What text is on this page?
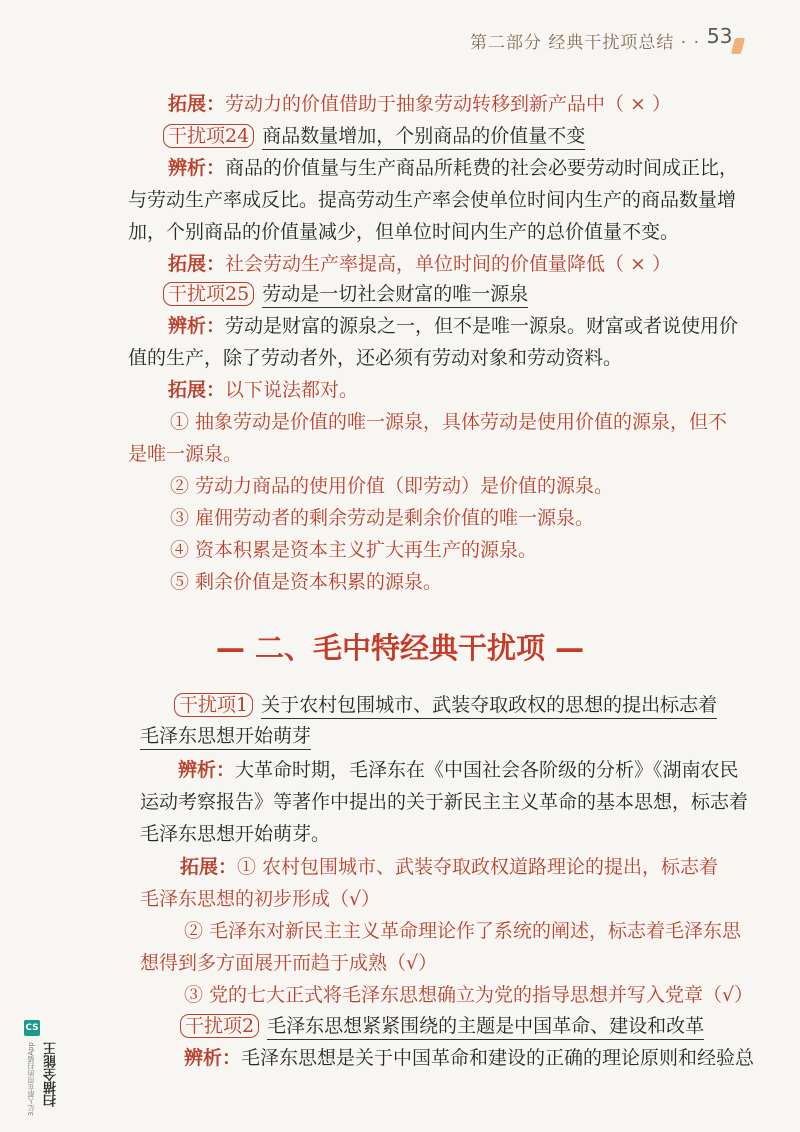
第二部分 经典干扰项总结 · · ·
53
拓展：劳动力的价值借助于抽象劳动转移到新产品中（ × ）
干扰项24 商品数量增加，个别商品的价值量不变
辨析：商品的价值量与生产商品所耗费的社会必要劳动时间成正比，
与劳动生产率成反比。提高劳动生产率会使单位时间内生产的商品数量增
加，个别商品的价值量减少，但单位时间内生产的总价值量不变。
拓展：社会劳动生产率提高，单位时间的价值量降低（ × ）
干扰项25 劳动是一切社会财富的唯一源泉
辨析：劳动是财富的源泉之一，但不是唯一源泉。财富或者说使用价
值的生产，除了劳动者外，还必须有劳动对象和劳动资料。
拓展：以下说法都对。
① 抽象劳动是价值的唯一源泉，具体劳动是使用价值的源泉，但不
是唯一源泉。
② 劳动力商品的使用价值（即劳动）是价值的源泉。
③ 雇佣劳动者的剩余劳动是剩余价值的唯一源泉。
④ 资本积累是资本主义扩大再生产的源泉。
⑤ 剩余价值是资本积累的源泉。
— 二、毛中特经典干扰项 —
干扰项1 关于农村包围城市、武装夺取政权的思想的提出标志着
毛泽东思想开始萌芽
辨析：大革命时期，毛泽东在《中国社会各阶级的分析》《湖南农民
运动考察报告》等著作中提出的关于新民主主义革命的基本思想，标志着
毛泽东思想开始萌芽。
拓展：① 农村包围城市、武装夺取政权道路理论的提出，标志着
毛泽东思想的初步形成（√）
② 毛泽东对新民主主义革命理论作了系统的阐述，标志着毛泽东思
想得到多方面展开而趋于成熟（√）
③ 党的七大正式将毛泽东思想确立为党的指导思想并写入党章（√）
干扰项2 毛泽东思想紧紧围绕的主题是中国革命、建设和改革
辨析：毛泽东思想是关于中国革命和建设的正确的理论原则和经验总
CS
扫描全能王
3亿人都在用的扫描App
